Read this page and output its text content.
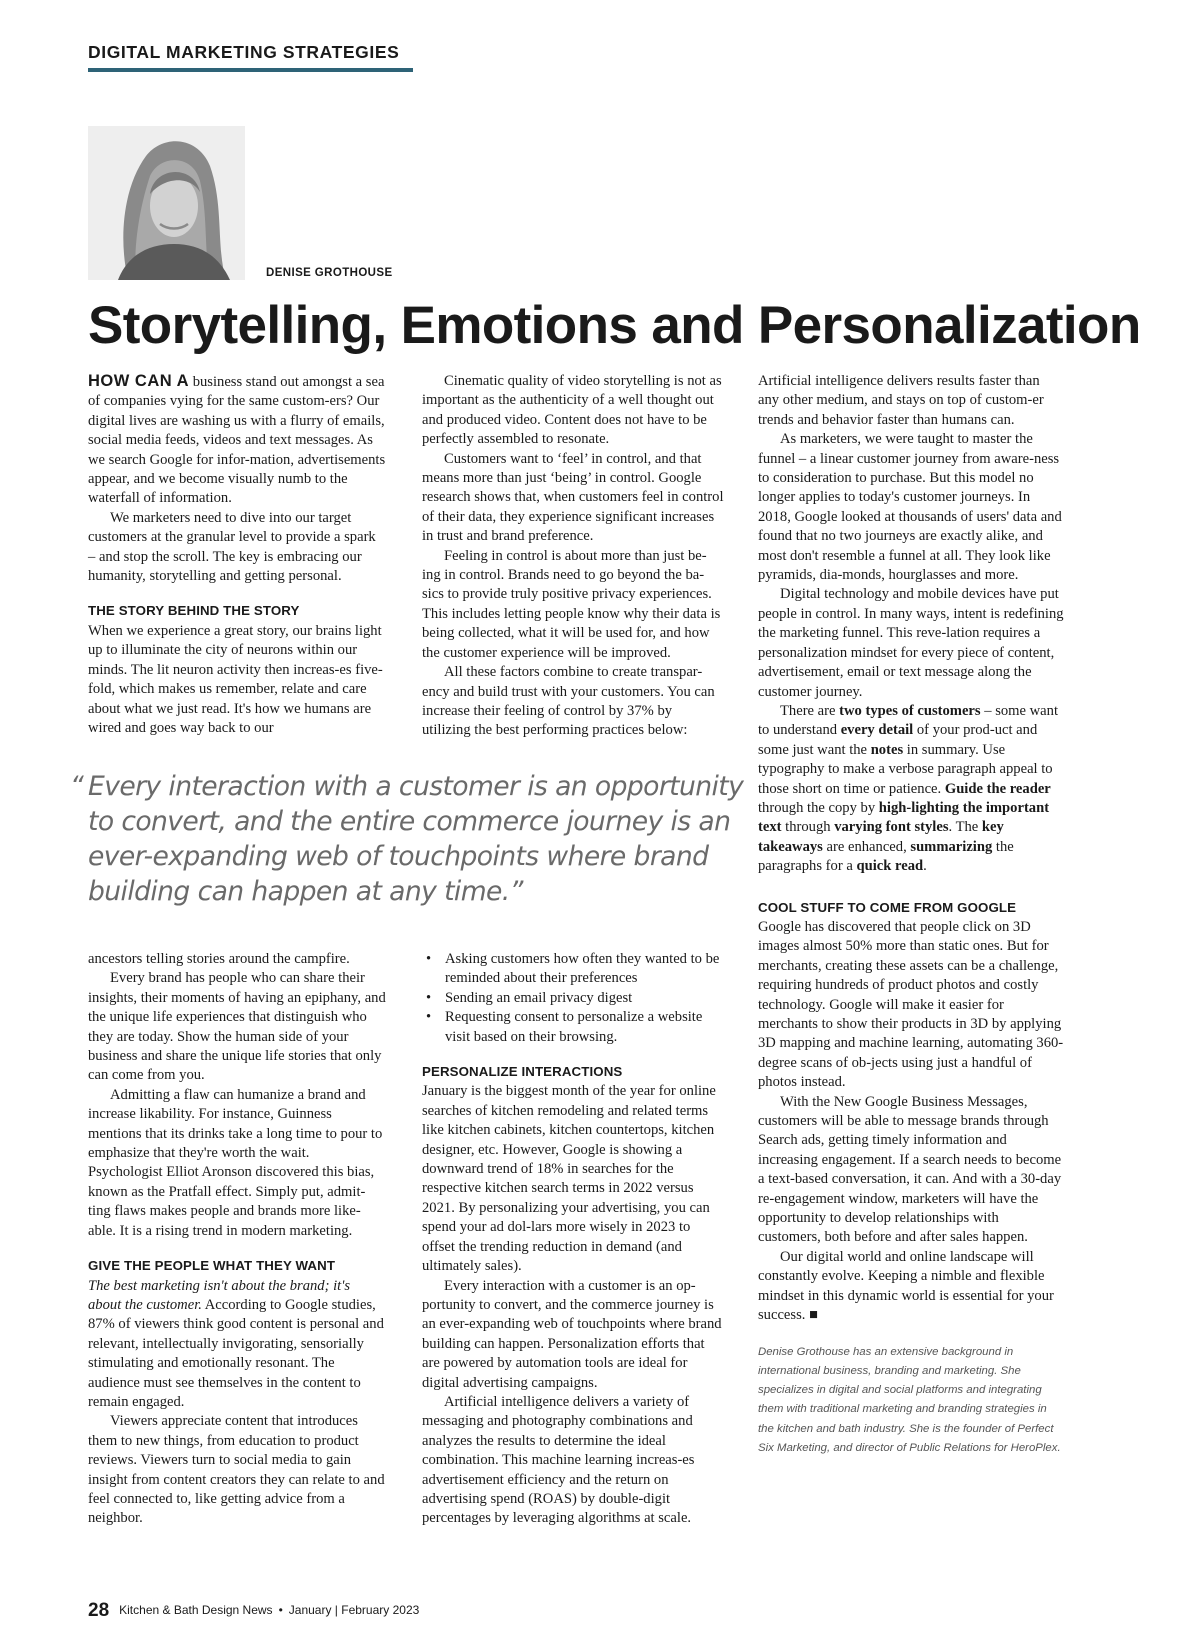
DIGITAL MARKETING STRATEGIES
DENISE GROTHOUSE
Storytelling, Emotions and Personalization

HOW CAN A business stand out amongst a sea of companies vying for the same custom-ers? Our digital lives are washing us with a flurry of emails, social media feeds, videos and text messages. As we search Google for infor-mation, advertisements appear, and we become visually numb to the waterfall of information.

We marketers need to dive into our target customers at the granular level to provide a spark – and stop the scroll. The key is embracing our humanity, storytelling and getting personal.

THE STORY BEHIND THE STORY

When we experience a great story, our brains light up to illuminate the city of neurons within our minds. The lit neuron activity then increas-es five-fold, which makes us remember, relate and care about what we just read. It's how we humans are wired and goes way back to our

Cinematic quality of video storytelling is not as important as the authenticity of a well thought out and produced video. Content does not have to be perfectly assembled to resonate.

Customers want to ‘feel’ in control, and that means more than just ‘being’ in control. Google research shows that, when customers feel in control of their data, they experience significant increases in trust and brand preference.

Feeling in control is about more than just be-ing in control. Brands need to go beyond the ba-sics to provide truly positive privacy experiences. This includes letting people know why their data is being collected, what it will be used for, and how the customer experience will be improved.

All these factors combine to create transpar-ency and build trust with your customers. You can increase their feeling of control by 37% by utilizing the best performing practices below:

“ Every interaction with a customer is an opportunity to convert, and the entire commerce journey is an ever-expanding web of touchpoints where brand building can happen at any time.”

ancestors telling stories around the campfire.

Every brand has people who can share their insights, their moments of having an epiphany, and the unique life experiences that distinguish who they are today. Show the human side of your business and share the unique life stories that only can come from you.

Admitting a flaw can humanize a brand and increase likability. For instance, Guinness mentions that its drinks take a long time to pour to emphasize that they're worth the wait. Psychologist Elliot Aronson discovered this bias, known as the Pratfall effect. Simply put, admit-ting flaws makes people and brands more like-able. It is a rising trend in modern marketing.

GIVE THE PEOPLE WHAT THEY WANT

The best marketing isn't about the brand; it's about the customer. According to Google studies, 87% of viewers think good content is personal and relevant, intellectually invigorating, sensorially stimulating and emotionally resonant. The audience must see themselves in the content to remain engaged.

Viewers appreciate content that introduces them to new things, from education to product reviews. Viewers turn to social media to gain insight from content creators they can relate to and feel connected to, like getting advice from a neighbor.

• Asking customers how often they wanted to be reminded about their preferences
• Sending an email privacy digest
• Requesting consent to personalize a website visit based on their browsing.
PERSONALIZE INTERACTIONS

January is the biggest month of the year for online searches of kitchen remodeling and related terms like kitchen cabinets, kitchen countertops, kitchen designer, etc. However, Google is showing a downward trend of 18% in searches for the respective kitchen search terms in 2022 versus 2021. By personalizing your advertising, you can spend your ad dol-lars more wisely in 2023 to offset the trending reduction in demand (and ultimately sales).

Every interaction with a customer is an op-portunity to convert, and the commerce journey is an ever-expanding web of touchpoints where brand building can happen. Personalization efforts that are powered by automation tools are ideal for digital advertising campaigns.

Artificial intelligence delivers a variety of messaging and photography combinations and analyzes the results to determine the ideal combination. This machine learning increas-es advertisement efficiency and the return on advertising spend (ROAS) by double-digit percentages by leveraging algorithms at scale.

Artificial intelligence delivers results faster than any other medium, and stays on top of custom-er trends and behavior faster than humans can.

As marketers, we were taught to master the funnel – a linear customer journey from aware-ness to consideration to purchase. But this model no longer applies to today's customer journeys. In 2018, Google looked at thousands of users' data and found that no two journeys are exactly alike, and most don't resemble a funnel at all. They look like pyramids, dia-monds, hourglasses and more.

Digital technology and mobile devices have put people in control. In many ways, intent is redefining the marketing funnel. This reve-lation requires a personalization mindset for every piece of content, advertisement, email or text message along the customer journey.

There are two types of customers – some want to understand every detail of your prod-uct and some just want the notes in summary. Use typography to make a verbose paragraph appeal to those short on time or patience. Guide the reader through the copy by high-lighting the important text through varying font styles. The key takeaways are enhanced, summarizing the paragraphs for a quick read.

COOL STUFF TO COME FROM GOOGLE

Google has discovered that people click on 3D images almost 50% more than static ones. But for merchants, creating these assets can be a challenge, requiring hundreds of product photos and costly technology. Google will make it easier for merchants to show their products in 3D by applying 3D mapping and machine learning, automating 360-degree scans of ob-jects using just a handful of photos instead.

With the New Google Business Messages, customers will be able to message brands through Search ads, getting timely information and increasing engagement. If a search needs to become a text-based conversation, it can. And with a 30-day re-engagement window, marketers will have the opportunity to develop relationships with customers, both before and after sales happen.

Our digital world and online landscape will constantly evolve. Keeping a nimble and flexible mindset in this dynamic world is essential for your success. ■

Denise Grothouse has an extensive background in international business, branding and marketing. She specializes in digital and social platforms and integrating them with traditional marketing and branding strategies in the kitchen and bath industry. She is the founder of Perfect Six Marketing, and director of Public Relations for HeroPlex.

28 Kitchen & Bath Design News • January | February 2023
